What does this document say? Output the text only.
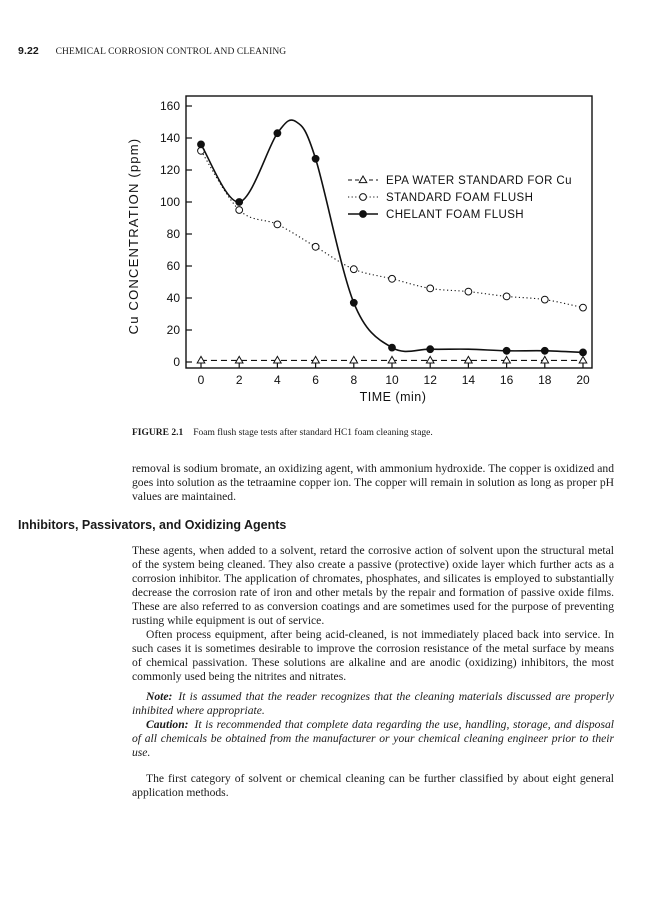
9.22 CHEMICAL CORROSION CONTROL AND CLEANING
0
20
40
60
80
100
120
140
160
0	2	4	6	8 10 12 14 16 18 20
TIME (min)
Cu CONCENTRATION (ppm)	EPA WATER STANDARD FOR Cu
STANDARD FOAM FLUSH
CHELANT FOAM FLUSH
FIGURE 2.1 Foam flush stage tests after standard HC1 foam cleaning stage.

removal is sodium bromate, an oxidizing agent, with ammonium hydroxide. The copper is oxidized and goes into solution as the tetraamine copper ion. The copper will remain in solution as long as proper pH values are maintained.

Inhibitors, Passivators, and Oxidizing Agents

These agents, when added to a solvent, retard the corrosive action of solvent upon the structural metal of the system being cleaned. They also create a passive (protective) oxide layer which further acts as a corrosion inhibitor. The application of chromates, phosphates, and silicates is employed to substantially decrease the corrosion rate of iron and other metals by the repair and formation of passive oxide films. These are also referred to as conversion coatings and are sometimes used for the purpose of preventing rusting while equipment is out of service.

Often process equipment, after being acid-cleaned, is not immediately placed back into service. In such cases it is sometimes desirable to improve the corrosion resistance of the metal surface by means of chemical passivation. These solutions are alkaline and are anodic (oxidizing) inhibitors, the most commonly used being the nitrites and nitrates.

Note: It is assumed that the reader recognizes that the cleaning materials discussed are properly inhibited where appropriate.

Caution: It is recommended that complete data regarding the use, handling, storage, and disposal of all chemicals be obtained from the manufacturer or your chemical cleaning engineer prior to their use.

The first category of solvent or chemical cleaning can be further classified by about eight general application methods.
